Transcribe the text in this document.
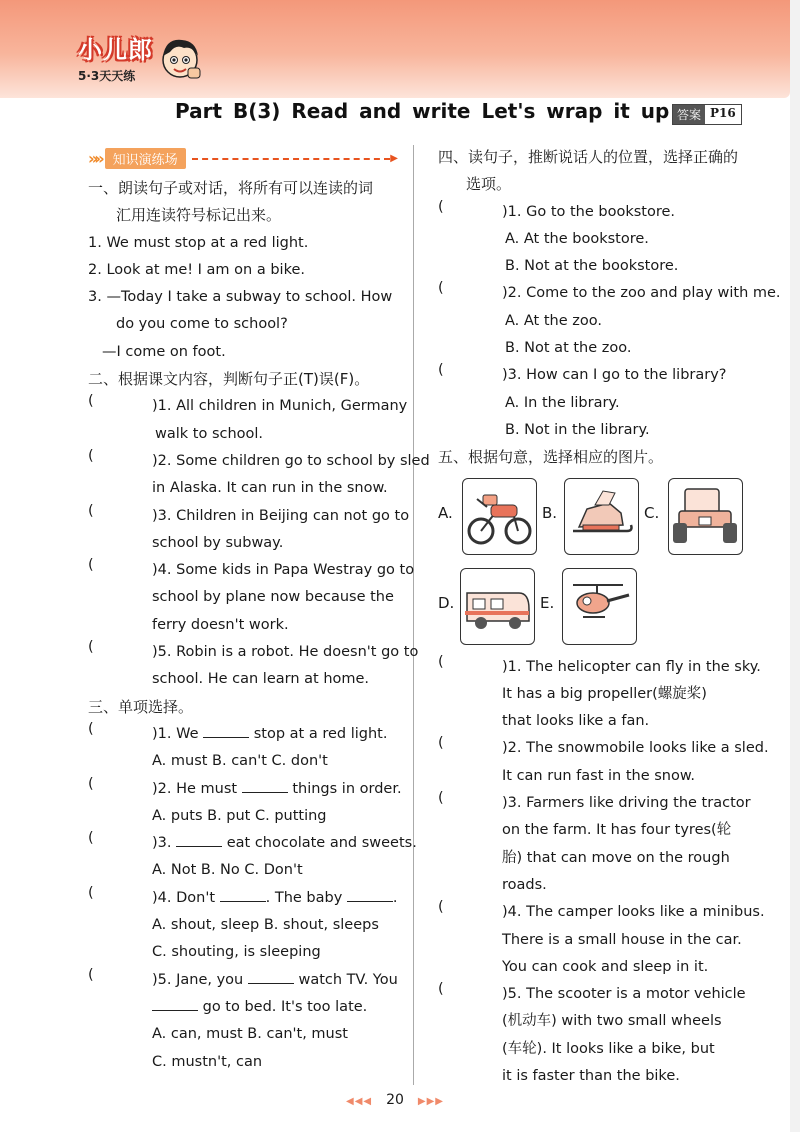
小儿郎
5·3天天练
Part B(3) Read and write Let's wrap it up 答案 P16
»» 知识演练场	▶
一、朗读句子或对话，将所有可以连读的词
汇用连读符号标记出来。
1. We must stop at a red light.
2. Look at me! I am on a bike.
3. —Today I take a subway to school. How
do you come to school?
—I come on foot.
二、根据课文内容，判断句子正(T)误(F)。
(	)1. All children in Munich, Germany
walk to school.
(	)2. Some children go to school by sled
in Alaska. It can run in the snow.
(	)3. Children in Beijing can not go to
school by subway.
(	)4. Some kids in Papa Westray go to
school by plane now because the
ferry doesn't work.
(	)5. Robin is a robot. He doesn't go to
school. He can learn at home.
三、单项选择。
(	)1. We	stop at a red light.
A. must B. can't C. don't
(	)2. He must	things in order.
A. puts B. put C. putting
(	)3.	eat chocolate and sweets.
A. Not B. No C. Don't
(	)4. Don't	. The baby	.
A. shout, sleep B. shout, sleeps
C. shouting, is sleeping
(	)5. Jane, you	watch TV. You
go to bed. It's too late.
A. can, must B. can't, must
C. mustn't, can
四、读句子，推断说话人的位置，选择正确的
选项。
(	)1. Go to the bookstore.
A. At the bookstore.
B. Not at the bookstore.
(	)2. Come to the zoo and play with me.
A. At the zoo.
B. Not at the zoo.
(	)3. How can I go to the library?
A. In the library.
B. Not in the library.
五、根据句意，选择相应的图片。
A.	B.	C.
D.	E.
(	)1. The helicopter can fly in the sky.
It has a big propeller(螺旋桨)
that looks like a fan.
(	)2. The snowmobile looks like a sled.
It can run fast in the snow.
(	)3. Farmers like driving the tractor
on the farm. It has four tyres(轮
胎) that can move on the rough
roads.
(	)4. The camper looks like a minibus.
There is a small house in the car.
You can cook and sleep in it.
(	)5. The scooter is a motor vehicle
(机动车) with two small wheels
(车轮). It looks like a bike, but
it is faster than the bike.
◀◀◀ 20 ▶▶▶
